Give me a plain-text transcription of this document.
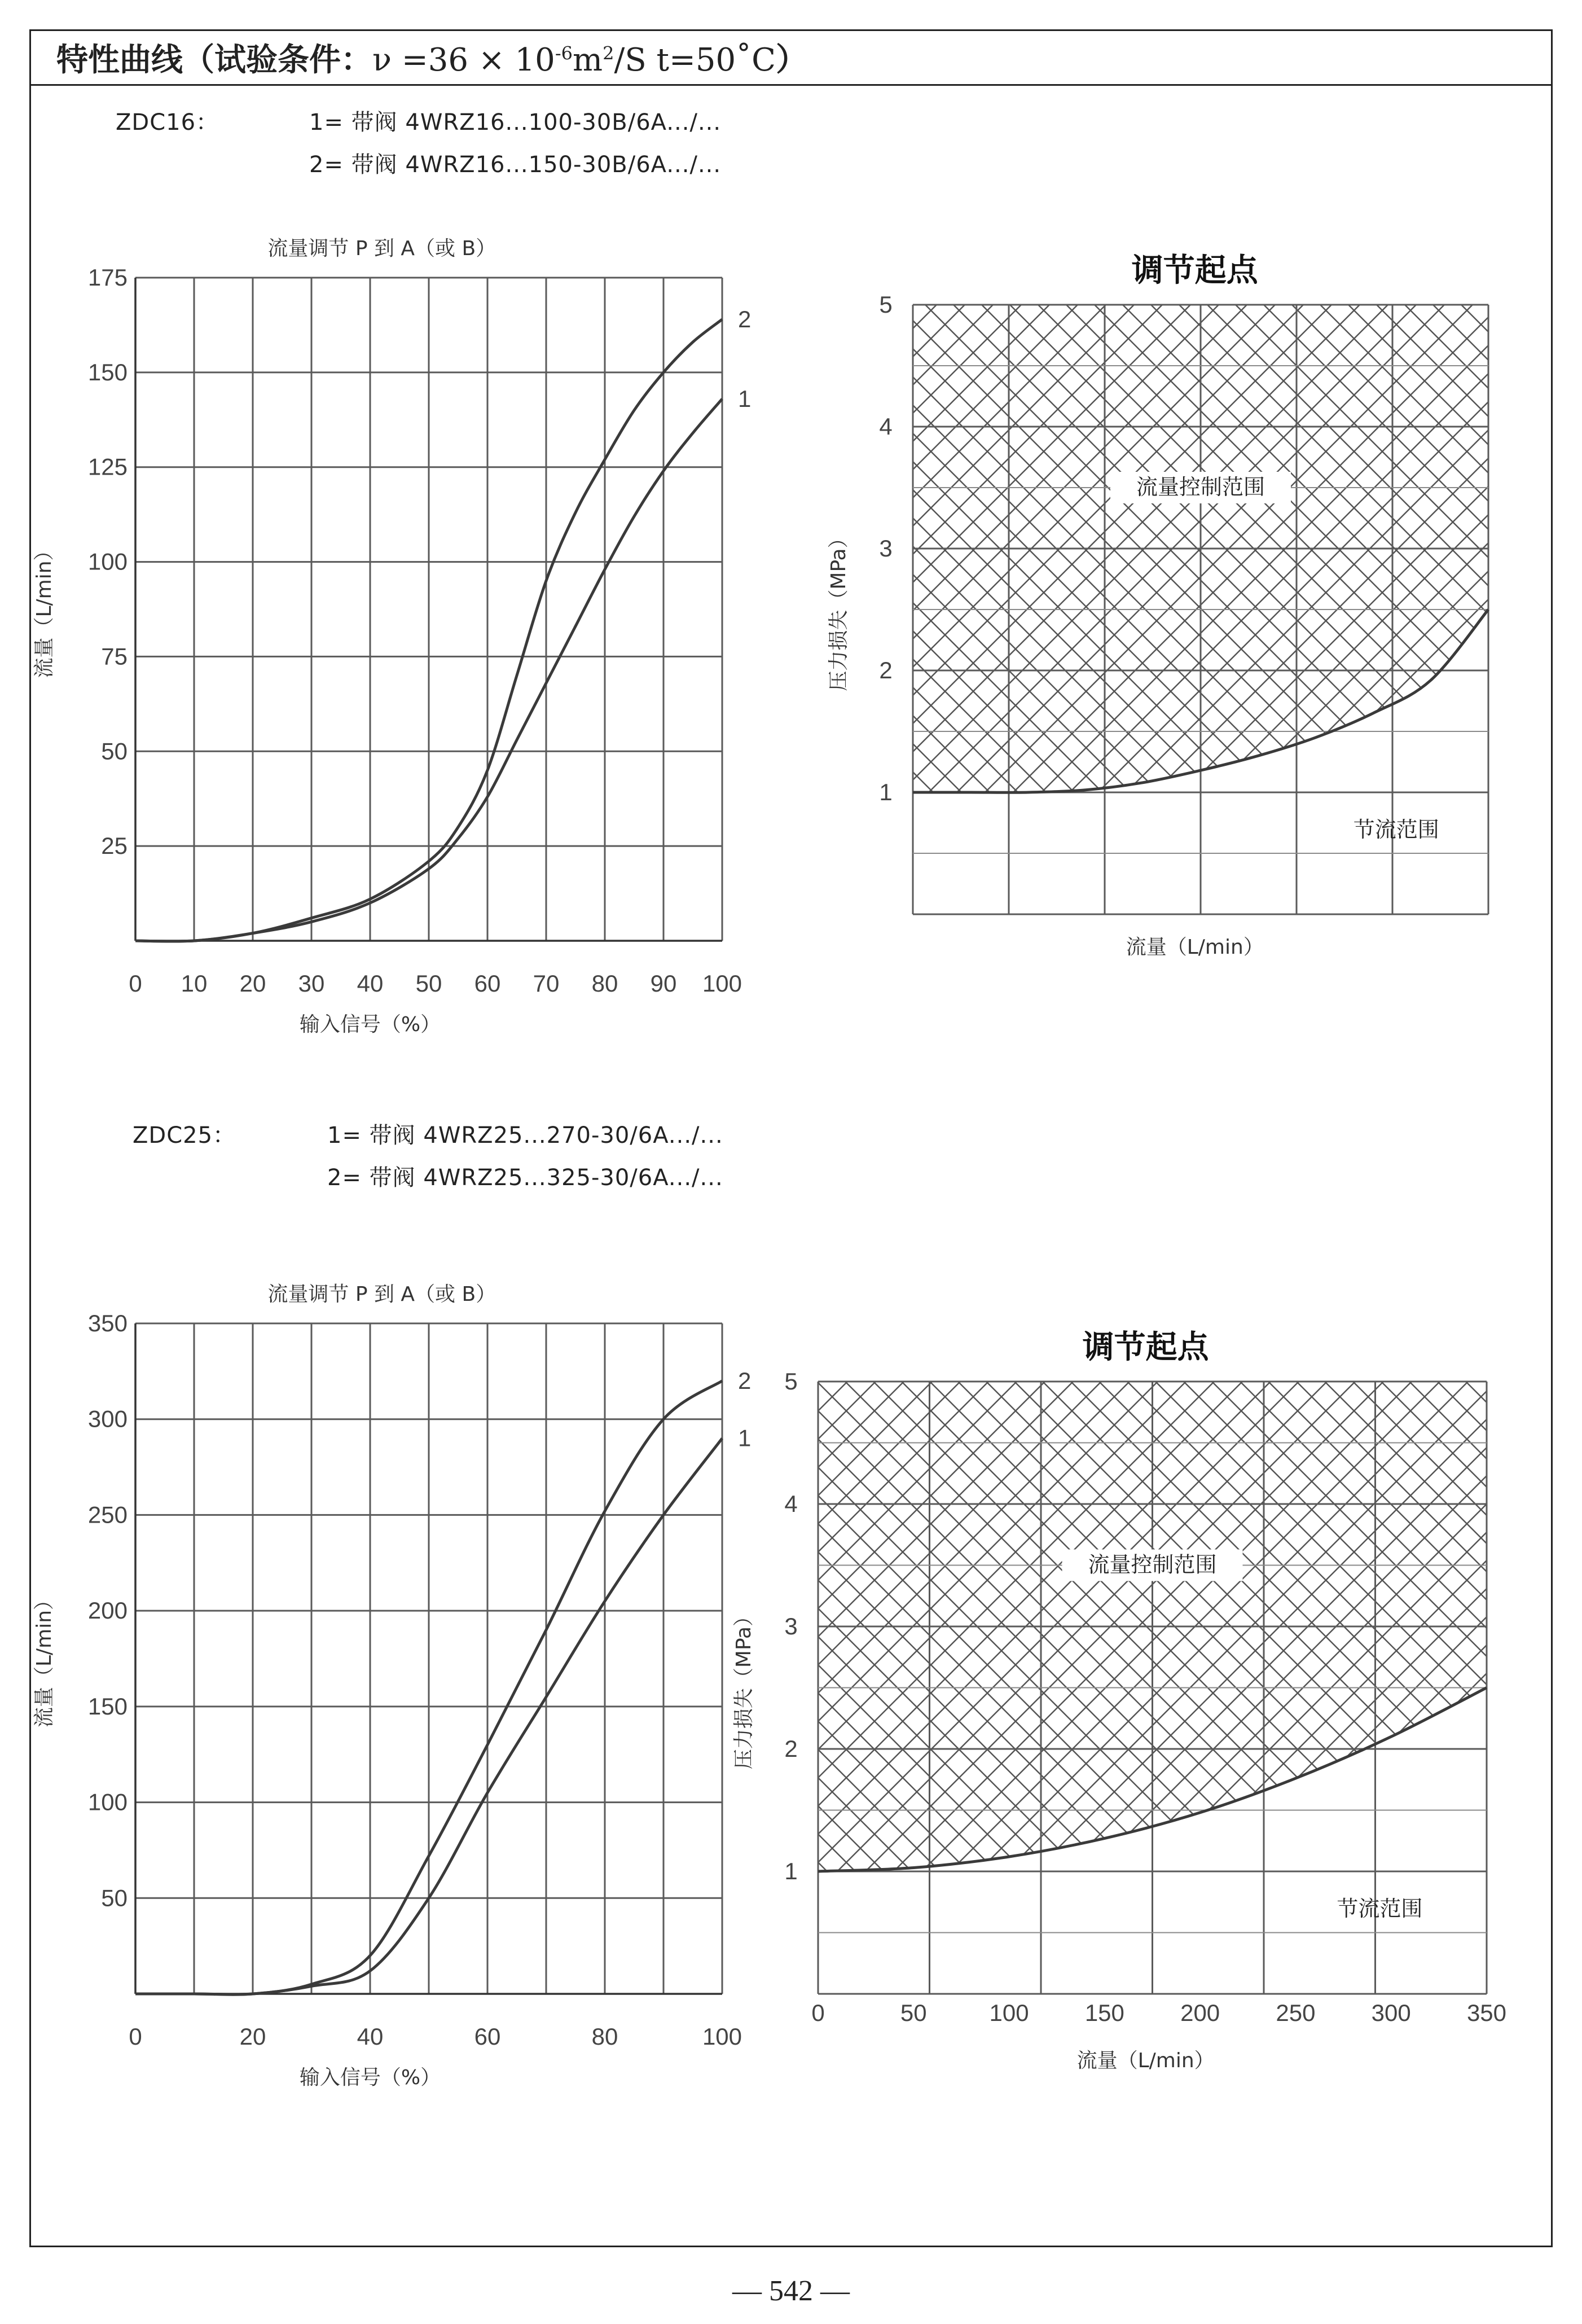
特性曲线（试验条件：$\nu =36 \times 10^{-6}m^2/S$ t=50˚C）
ZDC16：	1= 带阀 4WRZ16...100-30B/6A.../...
2= 带阀 4WRZ16...150-30B/6A.../...
ZDC25：	1= 带阀 4WRZ25...270-30/6A.../...
2= 带阀 4WRZ25...325-30/6A.../...
25
50
75
100
125
150
175
0 10 20 30 40 50 60 70 80 90 100
流量调节 P 到 A（或 B）
输入信号（%）
流量（L/min）
1
2
1
2
3
4
5
调节起点
流量（L/min）
压力损失（MPa）
流量控制范围
节流范围
50
100
150
200
250
300
350
0	20	40	60	80	100
流量调节 P 到 A（或 B）
输入信号（%）
流量（L/min）
1
2
1
2
3
4
5
0	50	100 150 200 250 300 350
调节起点
流量（L/min）
压力损失（MPa）
流量控制范围
节流范围
— 542 —
